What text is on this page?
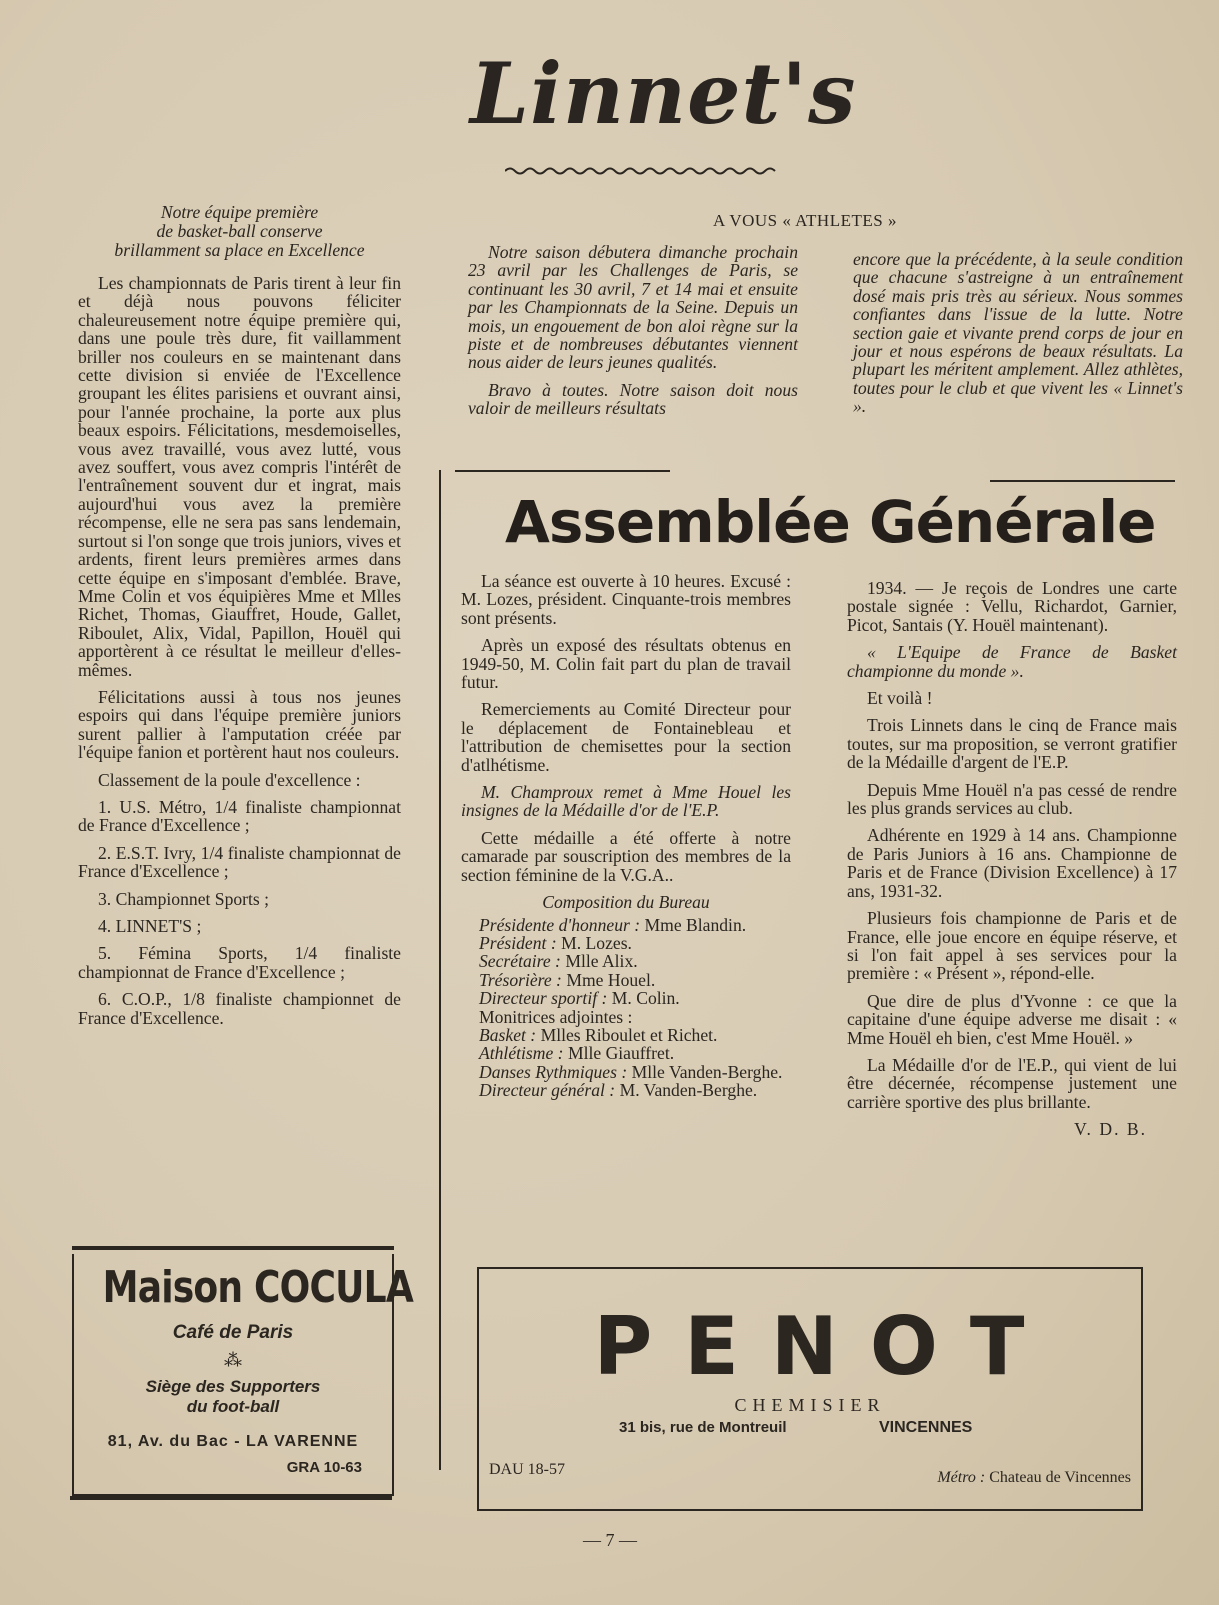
Linnet's
Notre équipe première
de basket-ball conserve
brillamment sa place en Excellence

Les championnats de Paris tirent à leur fin et déjà nous pouvons féliciter chaleureusement notre équipe première qui, dans une poule très dure, fit vaillamment briller nos couleurs en se maintenant dans cette division si enviée de l'Excellence groupant les élites parisiens et ouvrant ainsi, pour l'année prochaine, la porte aux plus beaux espoirs. Félicitations, mesdemoiselles, vous avez travaillé, vous avez lutté, vous avez souffert, vous avez compris l'intérêt de l'entraînement souvent dur et ingrat, mais aujourd'hui vous avez la première récompense, elle ne sera pas sans lendemain, surtout si l'on songe que trois juniors, vives et ardents, firent leurs premières armes dans cette équipe en s'imposant d'emblée. Brave, Mme Colin et vos équipières Mme et Mlles Richet, Thomas, Giauffret, Houde, Gallet, Riboulet, Alix, Vidal, Papillon, Houël qui apportèrent à ce résultat le meilleur d'elles-mêmes.

Félicitations aussi à tous nos jeunes espoirs qui dans l'équipe première juniors surent pallier à l'amputation créée par l'équipe fanion et portèrent haut nos couleurs.

Classement de la poule d'excellence :

1. U.S. Métro, 1/4 finaliste championnat de France d'Excellence ;

2. E.S.T. Ivry, 1/4 finaliste championnat de France d'Excellence ;

3. Championnet Sports ;

4. LINNET'S ;

5. Fémina Sports, 1/4 finaliste championnat de France d'Excellence ;

6. C.O.P., 1/8 finaliste championnet de France d'Excellence.

A VOUS « ATHLETES »

Notre saison débutera dimanche prochain 23 avril par les Challenges de Paris, se continuant les 30 avril, 7 et 14 mai et ensuite par les Championnats de la Seine. Depuis un mois, un engouement de bon aloi règne sur la piste et de nombreuses débutantes viennent nous aider de leurs jeunes qualités.

Bravo à toutes. Notre saison doit nous valoir de meilleurs résultats

encore que la précédente, à la seule condition que chacune s'astreigne à un entraînement dosé mais pris très au sérieux. Nous sommes confiantes dans l'issue de la lutte. Notre section gaie et vivante prend corps de jour en jour et nous espérons de beaux résultats. La plupart les méritent amplement. Allez athlètes, toutes pour le club et que vivent les « Linnet's ».

Assemblée Générale

La séance est ouverte à 10 heures. Excusé : M. Lozes, président. Cinquante-trois membres sont présents.

Après un exposé des résultats obtenus en 1949-50, M. Colin fait part du plan de travail futur.

Remerciements au Comité Directeur pour le déplacement de Fontainebleau et l'attribution de chemisettes pour la section d'atlhétisme.

M. Champroux remet à Mme Houel les insignes de la Médaille d'or de l'E.P.

Cette médaille a été offerte à notre camarade par souscription des membres de la section féminine de la V.G.A..

Composition du Bureau
Présidente d'honneur : Mme Blandin.
Président : M. Lozes.
Secrétaire : Mlle Alix.
Trésorière : Mme Houel.
Directeur sportif : M. Colin.
Monitrices adjointes :
Basket : Mlles Riboulet et Richet.
Athlétisme : Mlle Giauffret.
Danses Rythmiques : Mlle Vanden-Berghe.
Directeur général : M. Vanden-Berghe.

1934. — Je reçois de Londres une carte postale signée : Vellu, Richardot, Garnier, Picot, Santais (Y. Houël maintenant).

« L'Equipe de France de Basket championne du monde ».

Et voilà !

Trois Linnets dans le cinq de France mais toutes, sur ma proposition, se verront gratifier de la Médaille d'argent de l'E.P.

Depuis Mme Houël n'a pas cessé de rendre les plus grands services au club.

Adhérente en 1929 à 14 ans. Championne de Paris Juniors à 16 ans. Championne de Paris et de France (Division Excellence) à 17 ans, 1931-32.

Plusieurs fois championne de Paris et de France, elle joue encore en équipe réserve, et si l'on fait appel à ses services pour la première : « Présent », répond-elle.

Que dire de plus d'Yvonne : ce que la capitaine d'une équipe adverse me disait : « Mme Houël eh bien, c'est Mme Houël. »

La Médaille d'or de l'E.P., qui vient de lui être décernée, récompense justement une carrière sportive des plus brillante.

V. D. B.
Maison COCULA
Café de Paris
⁂
Siège des Supporters
du foot-ball
81, Av. du Bac - LA VARENNE
GRA 10-63
PENOT
CHEMISIER
31 bis, rue de Montreuil	VINCENNES
DAU 18-57	Métro : Chateau de Vincennes
— 7 —
